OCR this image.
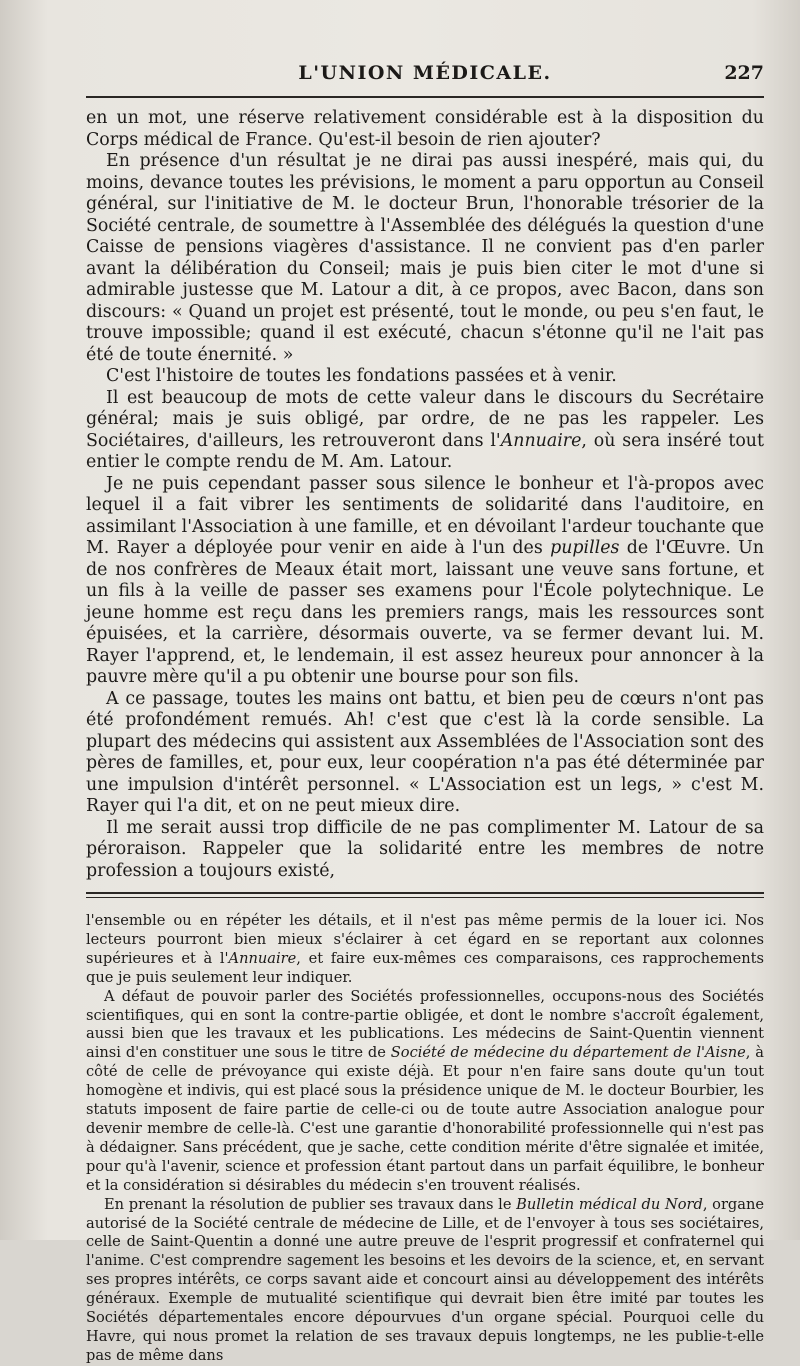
L'UNION MÉDICALE.	227

en un mot, une réserve relativement considérable est à la disposition du Corps médical de France. Qu'est-il besoin de rien ajouter?

En présence d'un résultat je ne dirai pas aussi inespéré, mais qui, du moins, devance toutes les prévisions, le moment a paru opportun au Conseil général, sur l'initiative de M. le docteur Brun, l'honorable trésorier de la Société centrale, de soumettre à l'Assemblée des délégués la question d'une Caisse de pensions viagères d'assistance. Il ne convient pas d'en parler avant la délibération du Conseil; mais je puis bien citer le mot d'une si admirable justesse que M. Latour a dit, à ce propos, avec Bacon, dans son discours: « Quand un projet est présenté, tout le monde, ou peu s'en faut, le trouve impossible; quand il est exécuté, chacun s'étonne qu'il ne l'ait pas été de toute énernité. »

C'est l'histoire de toutes les fondations passées et à venir.

Il est beaucoup de mots de cette valeur dans le discours du Secrétaire général; mais je suis obligé, par ordre, de ne pas les rappeler. Les Sociétaires, d'ailleurs, les retrouveront dans l'Annuaire, où sera inséré tout entier le compte rendu de M. Am. Latour.

Je ne puis cependant passer sous silence le bonheur et l'à-propos avec lequel il a fait vibrer les sentiments de solidarité dans l'auditoire, en assimilant l'Association à une famille, et en dévoilant l'ardeur touchante que M. Rayer a déployée pour venir en aide à l'un des pupilles de l'Œuvre. Un de nos confrères de Meaux était mort, laissant une veuve sans fortune, et un fils à la veille de passer ses examens pour l'École polytechnique. Le jeune homme est reçu dans les premiers rangs, mais les ressources sont épuisées, et la carrière, désormais ouverte, va se fermer devant lui. M. Rayer l'apprend, et, le lendemain, il est assez heureux pour annoncer à la pauvre mère qu'il a pu obtenir une bourse pour son fils.

A ce passage, toutes les mains ont battu, et bien peu de cœurs n'ont pas été profondément remués. Ah! c'est que c'est là la corde sensible. La plupart des médecins qui assistent aux Assemblées de l'Association sont des pères de familles, et, pour eux, leur coopération n'a pas été déterminée par une impulsion d'intérêt personnel. « L'Association est un legs, » c'est M. Rayer qui l'a dit, et on ne peut mieux dire.

Il me serait aussi trop difficile de ne pas complimenter M. Latour de sa péroraison. Rappeler que la solidarité entre les membres de notre profession a toujours existé,

l'ensemble ou en répéter les détails, et il n'est pas même permis de la louer ici. Nos lecteurs pourront bien mieux s'éclairer à cet égard en se reportant aux colonnes supérieures et à l'Annuaire, et faire eux-mêmes ces comparaisons, ces rapprochements que je puis seulement leur indiquer.

A défaut de pouvoir parler des Sociétés professionnelles, occupons-nous des Sociétés scientifiques, qui en sont la contre-partie obligée, et dont le nombre s'accroît également, aussi bien que les travaux et les publications. Les médecins de Saint-Quentin viennent ainsi d'en constituer une sous le titre de Société de médecine du département de l'Aisne, à côté de celle de prévoyance qui existe déjà. Et pour n'en faire sans doute qu'un tout homogène et indivis, qui est placé sous la présidence unique de M. le docteur Bourbier, les statuts imposent de faire partie de celle-ci ou de toute autre Association analogue pour devenir membre de celle-là. C'est une garantie d'honorabilité professionnelle qui n'est pas à dédaigner. Sans précédent, que je sache, cette condition mérite d'être signalée et imitée, pour qu'à l'avenir, science et profession étant partout dans un parfait équilibre, le bonheur et la considération si désirables du médecin s'en trouvent réalisés.

En prenant la résolution de publier ses travaux dans le Bulletin médical du Nord, organe autorisé de la Société centrale de médecine de Lille, et de l'envoyer à tous ses sociétaires, celle de Saint-Quentin a donné une autre preuve de l'esprit progressif et confraternel qui l'anime. C'est comprendre sagement les besoins et les devoirs de la science, et, en servant ses propres intérêts, ce corps savant aide et concourt ainsi au développement des intérêts généraux. Exemple de mutualité scientifique qui devrait bien être imité par toutes les Sociétés départementales encore dépourvues d'un organe spécial. Pourquoi celle du Havre, qui nous promet la relation de ses travaux depuis longtemps, ne les publie-t-elle pas de même dans
